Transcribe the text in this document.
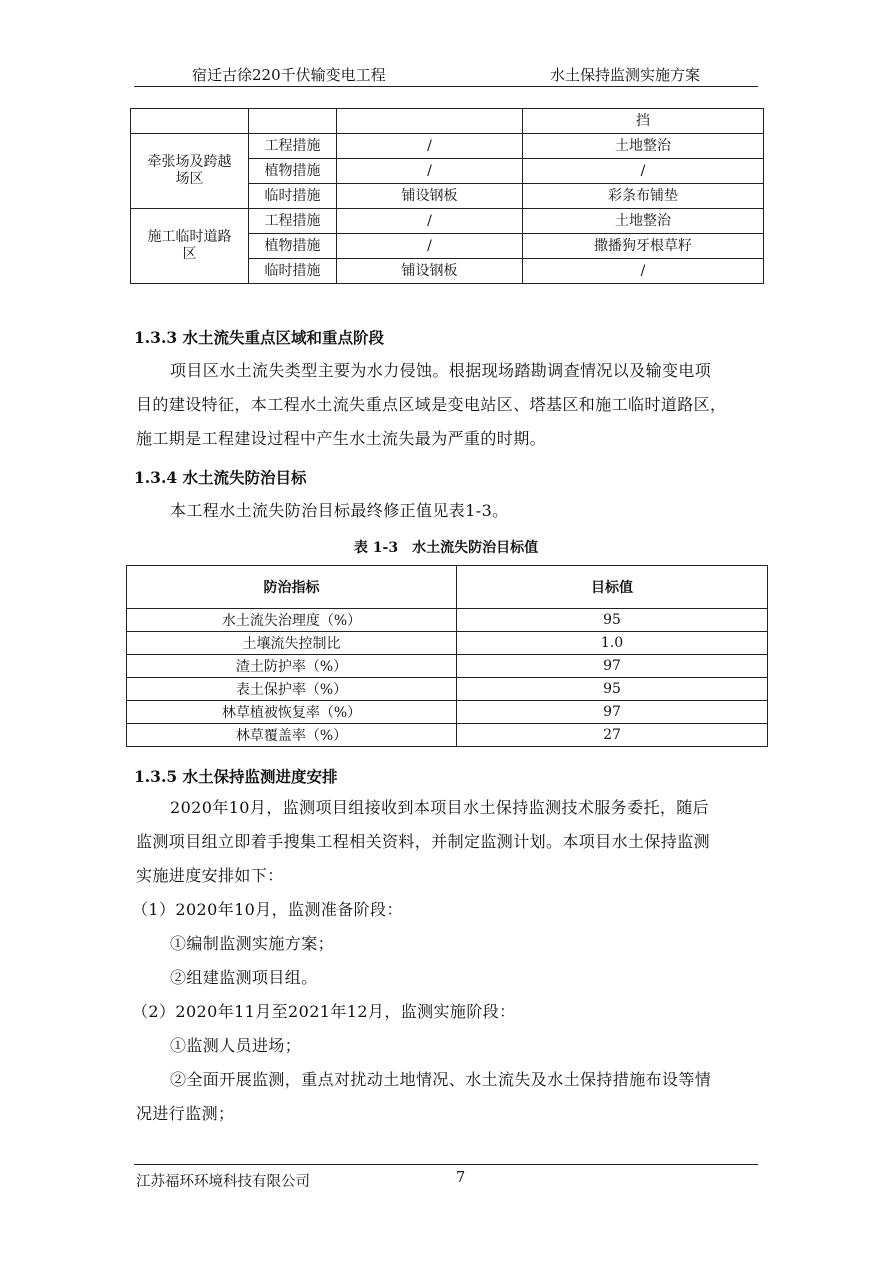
宿迁古徐220千伏输变电工程	水土保持监测实施方案
			挡
牵张场及跨越场区	工程措施	/	土地整治
	植物措施	/	/
	临时措施	铺设钢板	彩条布铺垫
施工临时道路区	工程措施	/	土地整治
	植物措施	/	撒播狗牙根草籽
	临时措施	铺设钢板	/
1.3.3 水土流失重点区域和重点阶段
项目区水土流失类型主要为水力侵蚀。根据现场踏勘调查情况以及输变电项
目的建设特征，本工程水土流失重点区域是变电站区、塔基区和施工临时道路区，
施工期是工程建设过程中产生水土流失最为严重的时期。
1.3.4 水土流失防治目标
本工程水土流失防治目标最终修正值见表1-3。
表 1-3　水土流失防治目标值
防治指标	目标值
水土流失治理度（%）	95
土壤流失控制比	1.0
渣土防护率（%）	97
表土保护率（%）	95
林草植被恢复率（%）	97
林草覆盖率（%）	27
1.3.5 水土保持监测进度安排
2020年10月，监测项目组接收到本项目水土保持监测技术服务委托，随后
监测项目组立即着手搜集工程相关资料，并制定监测计划。本项目水土保持监测
实施进度安排如下：
（1）2020年10月，监测准备阶段：
①编制监测实施方案；
②组建监测项目组。
（2）2020年11月至2021年12月，监测实施阶段：
①监测人员进场；
②全面开展监测，重点对扰动土地情况、水土流失及水土保持措施布设等情
况进行监测；
江苏福环环境科技有限公司	7
